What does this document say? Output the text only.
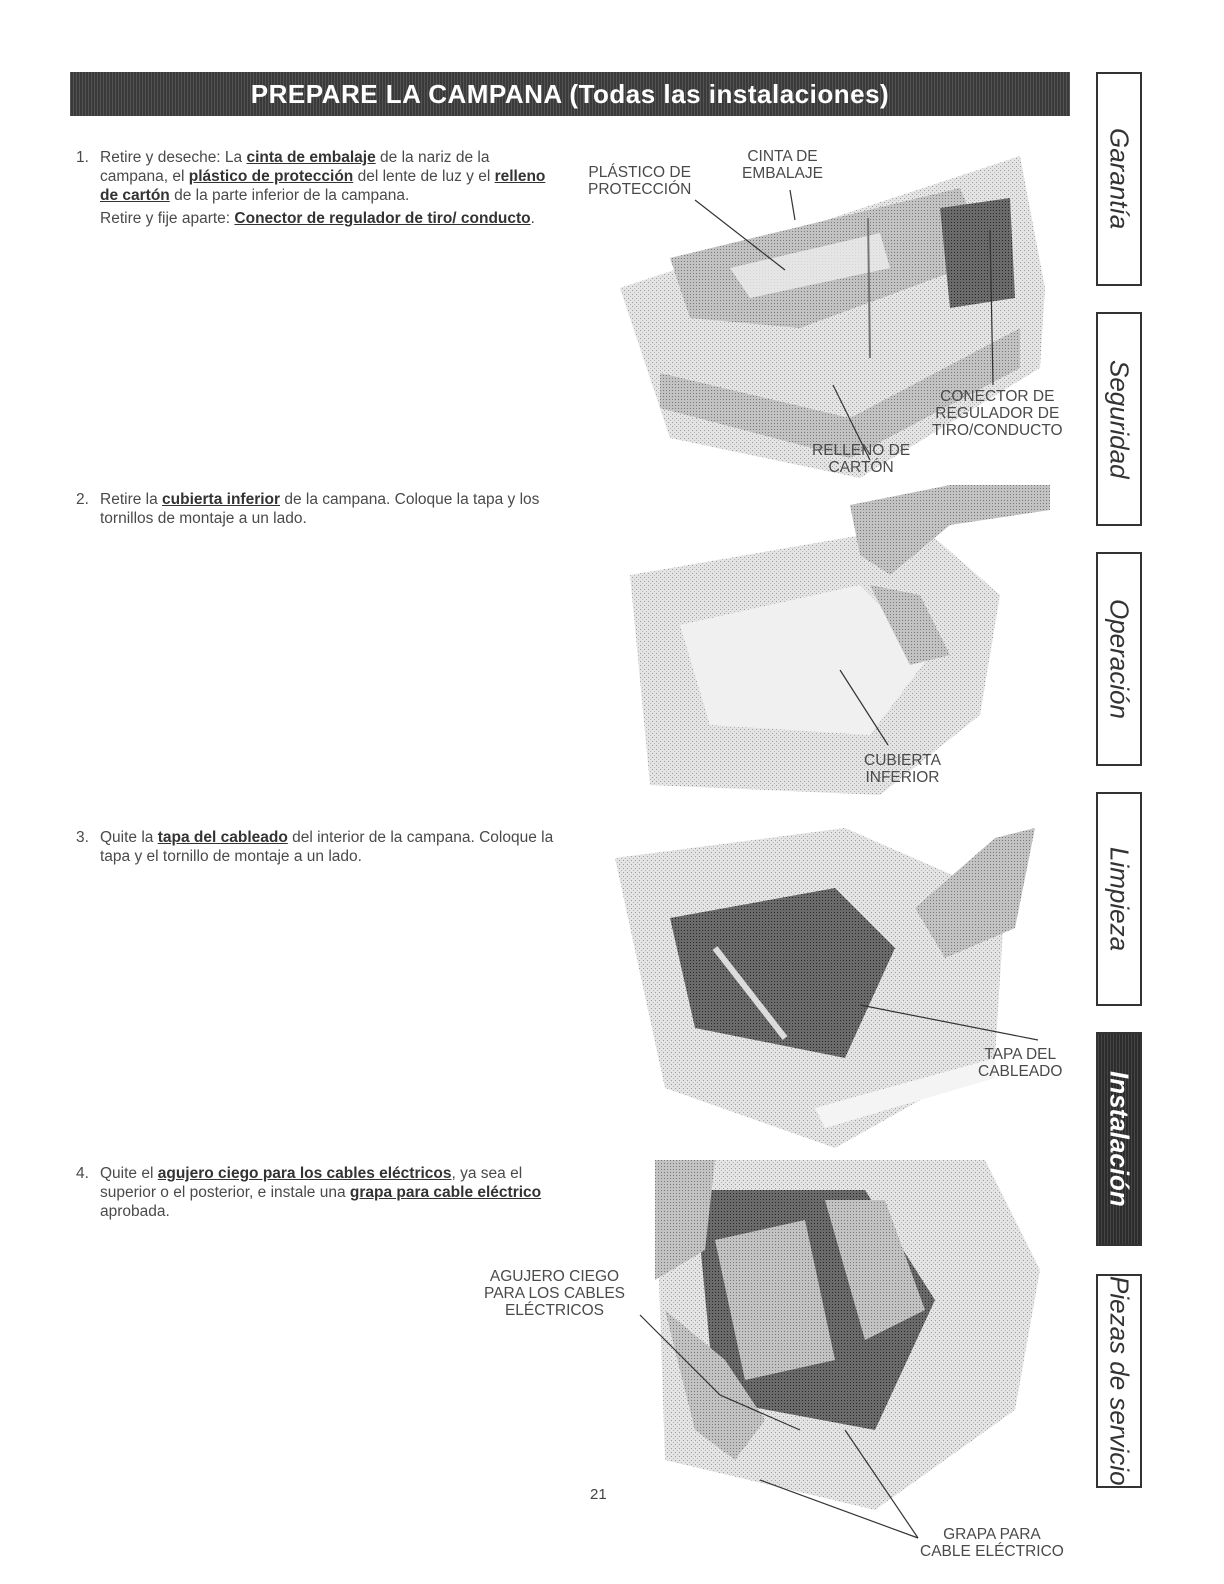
PREPARE LA CAMPANA (Todas las instalaciones)
1. Retire y deseche: La cinta de embalaje de la nariz de la campana, el plástico de protección del lente de luz y el relleno de cartón de la parte inferior de la campana.

Retire y fije aparte: Conector de regulador de tiro/ conducto.

2. Retire la cubierta inferior de la campana. Coloque la tapa y los tornillos de montaje a un lado.

3. Quite la tapa del cableado del interior de la campana. Coloque la tapa y el tornillo de montaje a un lado.

4. Quite el agujero ciego para los cables eléctricos, ya sea el superior o el posterior, e instale una grapa para cable eléctrico aprobada.

PLÁSTICO DE
PROTECCIÓN
CINTA DE
EMBALAJE
CONECTOR DE
REGULADOR DE
TIRO/CONDUCTO
RELLENO DE
CARTÓN
CUBIERTA
INFERIOR
TAPA DEL
CABLEADO
AGUJERO CIEGO
PARA LOS CABLES
ELÉCTRICOS
GRAPA PARA
CABLE ELÉCTRICO
21
Garantía
Seguridad
Operación
Limpieza
Instalación
Piezas de servicio
